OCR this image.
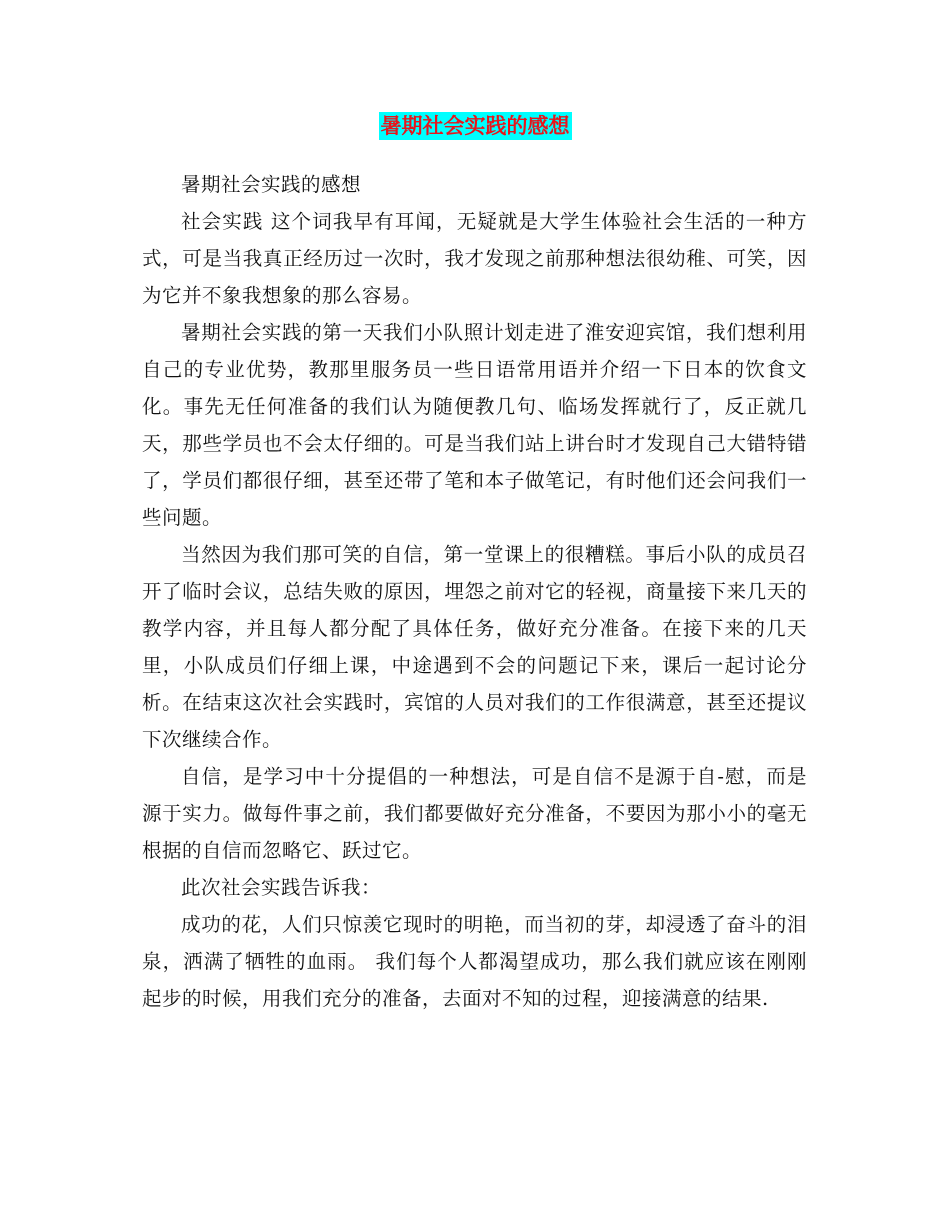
暑期社会实践的感想

暑期社会实践的感想

社会实践 这个词我早有耳闻，无疑就是大学生体验社会生活的一种方式，可是当我真正经历过一次时，我才发现之前那种想法很幼稚、可笑，因为它并不象我想象的那么容易。

暑期社会实践的第一天我们小队照计划走进了淮安迎宾馆，我们想利用自己的专业优势，教那里服务员一些日语常用语并介绍一下日本的饮食文化。事先无任何准备的我们认为随便教几句、临场发挥就行了，反正就几天，那些学员也不会太仔细的。可是当我们站上讲台时才发现自己大错特错了，学员们都很仔细，甚至还带了笔和本子做笔记，有时他们还会问我们一些问题。

当然因为我们那可笑的自信，第一堂课上的很糟糕。事后小队的成员召开了临时会议，总结失败的原因，埋怨之前对它的轻视，商量接下来几天的教学内容，并且每人都分配了具体任务，做好充分准备。在接下来的几天里，小队成员们仔细上课，中途遇到不会的问题记下来，课后一起讨论分析。在结束这次社会实践时，宾馆的人员对我们的工作很满意，甚至还提议下次继续合作。

自信，是学习中十分提倡的一种想法，可是自信不是源于自-慰，而是源于实力。做每件事之前，我们都要做好充分准备，不要因为那小小的毫无根据的自信而忽略它、跃过它。

此次社会实践告诉我：

成功的花，人们只惊羡它现时的明艳，而当初的芽，却浸透了奋斗的泪泉，洒满了牺牲的血雨。 我们每个人都渴望成功，那么我们就应该在刚刚起步的时候，用我们充分的准备，去面对不知的过程，迎接满意的结果.
